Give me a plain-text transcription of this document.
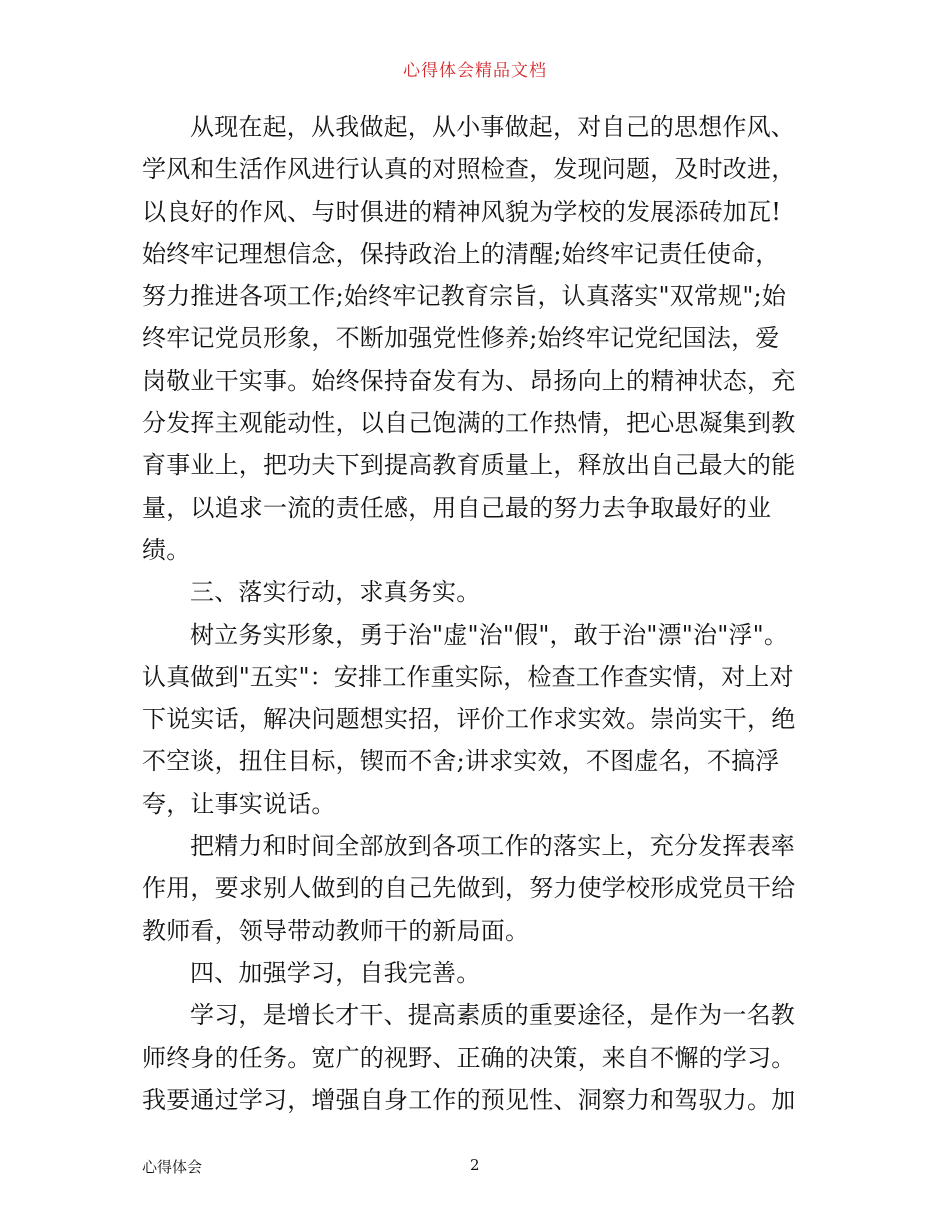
心得体会精品文档
从现在起，从我做起，从小事做起，对自己的思想作风、
学风和生活作风进行认真的对照检查，发现问题，及时改进，
以良好的作风、与时俱进的精神风貌为学校的发展添砖加瓦!
始终牢记理想信念，保持政治上的清醒;始终牢记责任使命，
努力推进各项工作;始终牢记教育宗旨，认真落实"双常规";始
终牢记党员形象，不断加强党性修养;始终牢记党纪国法，爱
岗敬业干实事。始终保持奋发有为、昂扬向上的精神状态，充
分发挥主观能动性，以自己饱满的工作热情，把心思凝集到教
育事业上，把功夫下到提高教育质量上，释放出自己最大的能
量，以追求一流的责任感，用自己最的努力去争取最好的业
绩。
三、落实行动，求真务实。
树立务实形象，勇于治"虚"治"假"，敢于治"漂"治"浮"。
认真做到"五实"：安排工作重实际，检查工作查实情，对上对
下说实话，解决问题想实招，评价工作求实效。崇尚实干，绝
不空谈，扭住目标，锲而不舍;讲求实效，不图虚名，不搞浮
夸，让事实说话。
把精力和时间全部放到各项工作的落实上，充分发挥表率
作用，要求别人做到的自己先做到，努力使学校形成党员干给
教师看，领导带动教师干的新局面。
四、加强学习，自我完善。
学习，是增长才干、提高素质的重要途径，是作为一名教
师终身的任务。宽广的视野、正确的决策，来自不懈的学习。
我要通过学习，增强自身工作的预见性、洞察力和驾驭力。加
心得体会	2
